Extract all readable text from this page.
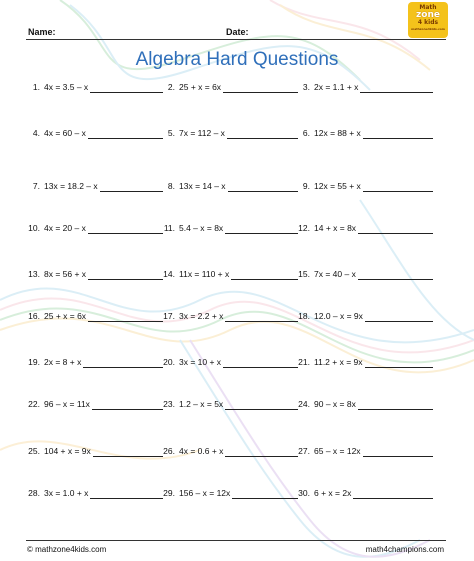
Math
zone
4 kids
mathzone4kids.com
Name:	Date:
Algebra Hard Questions
1. 4x = 3.5 – x	2. 25 + x = 6x	3. 2x = 1.1 + x
4. 4x = 60 – x	5. 7x = 112 – x	6. 12x = 88 + x
7. 13x = 18.2 – x	8. 13x = 14 – x	9. 12x = 55 + x
10. 4x = 20 – x	11. 5.4 – x = 8x	12. 14 + x = 8x
13. 8x = 56 + x	14. 11x = 110 + x	15. 7x = 40 – x
16. 25 + x = 6x	17. 3x = 2.2 + x	18. 12.0 – x = 9x
19. 2x = 8 + x	20. 3x = 10 + x	21. 11.2 + x = 9x
22. 96 – x = 11x	23. 1.2 – x = 5x	24. 90 – x = 8x
25. 104 + x = 9x	26. 4x = 0.6 + x	27. 65 – x = 12x
28. 3x = 1.0 + x	29. 156 – x = 12x	30. 6 + x = 2x
© mathzone4kids.com	math4champions.com
